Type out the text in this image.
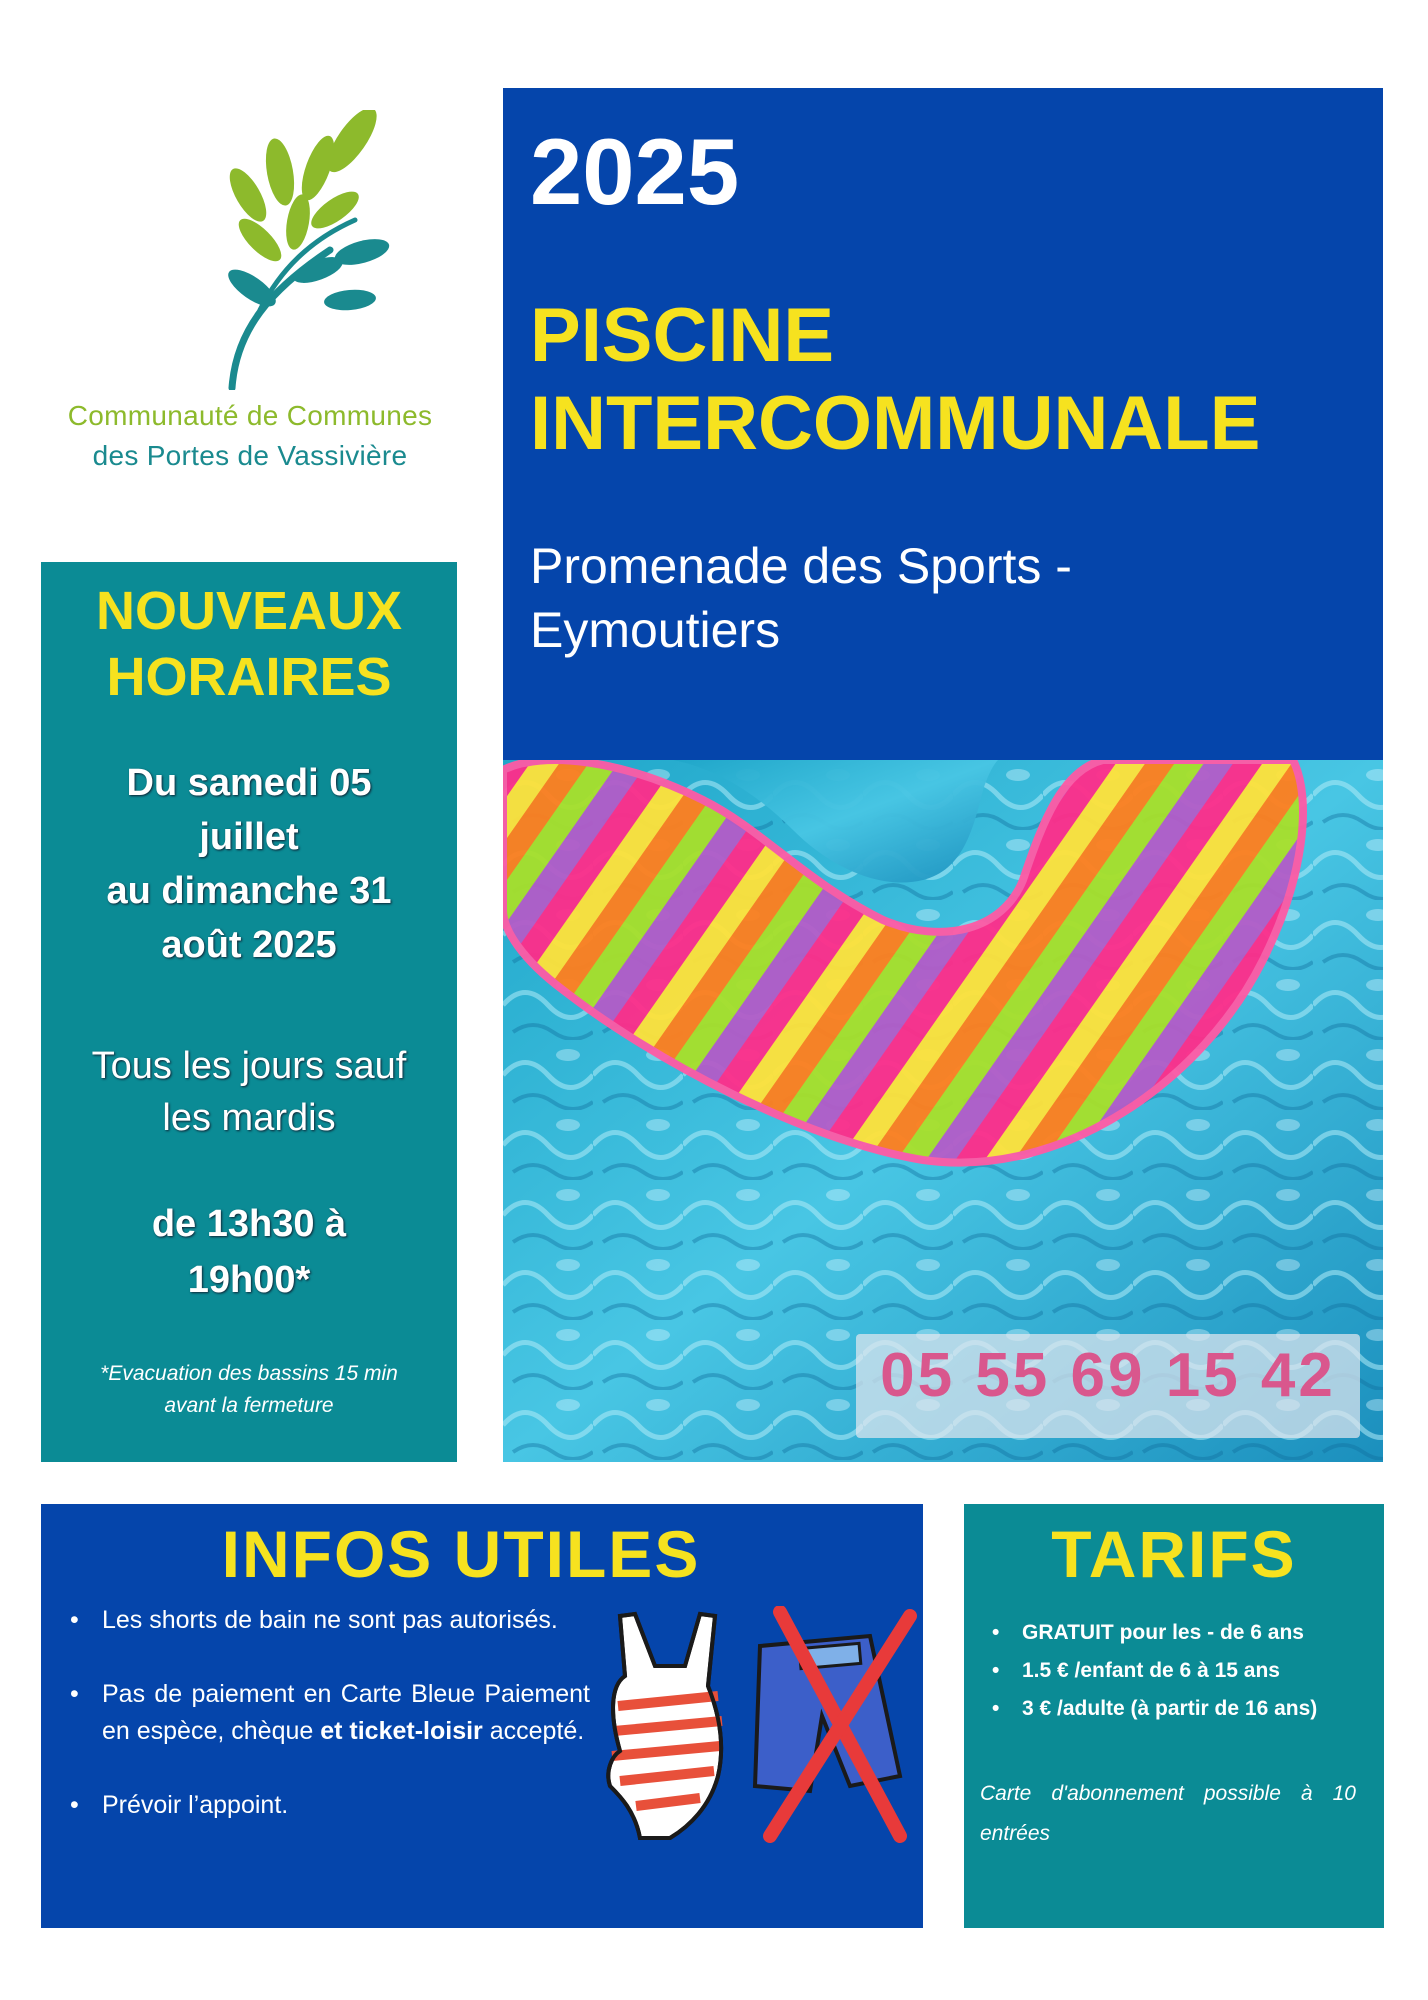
Communauté de Communes
des Portes de Vassivière
2025
PISCINE
INTERCOMMUNALE
Promenade des Sports -
Eymoutiers
05 55 69 15 42
NOUVEAUX
HORAIRES
Du samedi 05
juillet
au dimanche 31
août 2025
Tous les jours sauf
les mardis
de 13h30 à
19h00*
*Evacuation des bassins 15 min
avant la fermeture
INFOS UTILES
• Les shorts de bain ne sont pas autorisés.
• Pas de paiement en Carte Bleue Paiement en espèce, chèque et ticket-loisir accepté.
• Prévoir l’appoint.
TARIFS
• GRATUIT pour les - de 6 ans
• 1.5 € /enfant de 6 à 15 ans
• 3 € /adulte (à partir de 16 ans)
Carte d'abonnement possible à 10 entrées
